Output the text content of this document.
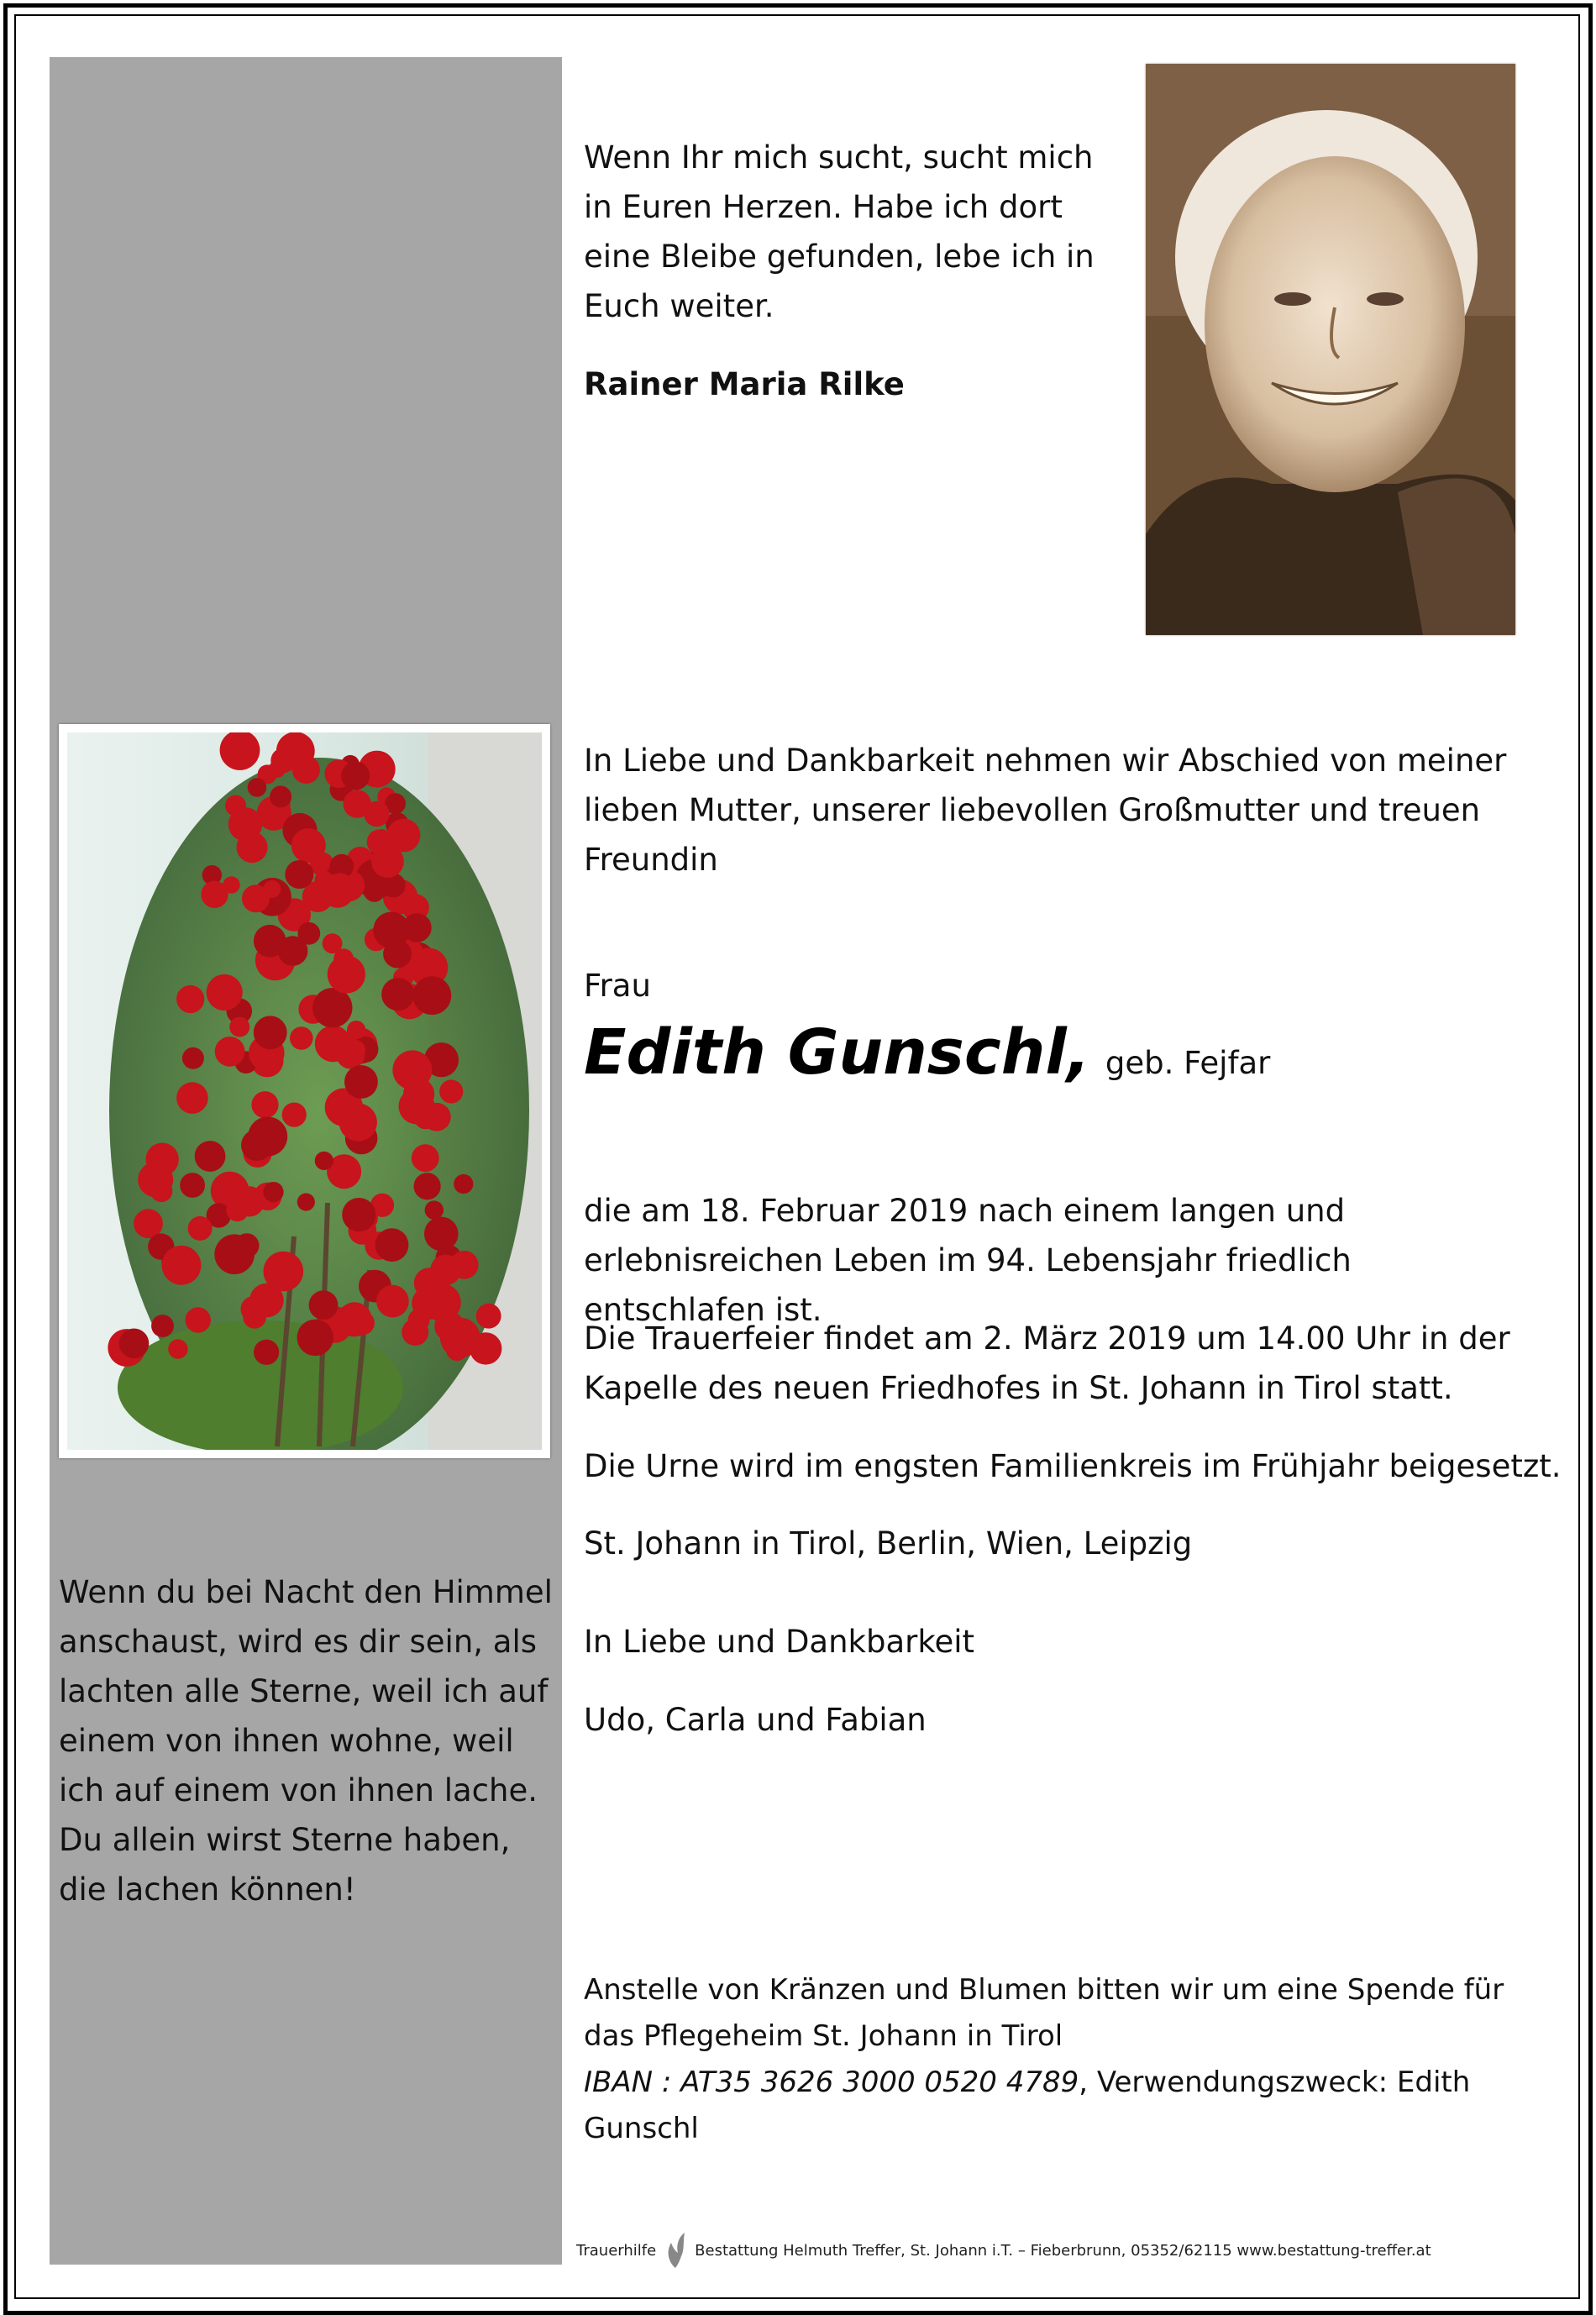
Wenn du bei Nacht den Himmel anschaust, wird es dir sein, als lachten alle Sterne, weil ich auf einem von ihnen wohne, weil ich auf einem von ihnen lache. Du allein wirst Sterne haben, die lachen können!
Wenn Ihr mich sucht, sucht mich in Euren Herzen. Habe ich dort eine Bleibe gefunden, lebe ich in Euch weiter.
Rainer Maria Rilke
In Liebe und Dankbarkeit nehmen wir Abschied von meiner lieben Mutter, unserer liebevollen Großmutter und treuen Freundin
Frau
Edith Gunschl, geb. Fejfar
die am 18. Februar 2019 nach einem langen und erlebnisreichen Leben im 94. Lebensjahr friedlich entschlafen ist.
Die Trauerfeier findet am 2. März 2019 um 14.00 Uhr in der Kapelle des neuen Friedhofes in St. Johann in Tirol statt.
Die Urne wird im engsten Familienkreis im Frühjahr beigesetzt.
St. Johann in Tirol, Berlin, Wien, Leipzig
In Liebe und Dankbarkeit
Udo, Carla und Fabian
Anstelle von Kränzen und Blumen bitten wir um eine Spende für das Pflegeheim St. Johann in Tirol
IBAN : AT35 3626 3000 0520 4789, Verwendungszweck: Edith Gunschl
Trauerhilfe	Bestattung Helmuth Treffer, St. Johann i.T. – Fieberbrunn, 05352/62115 www.bestattung-treffer.at
